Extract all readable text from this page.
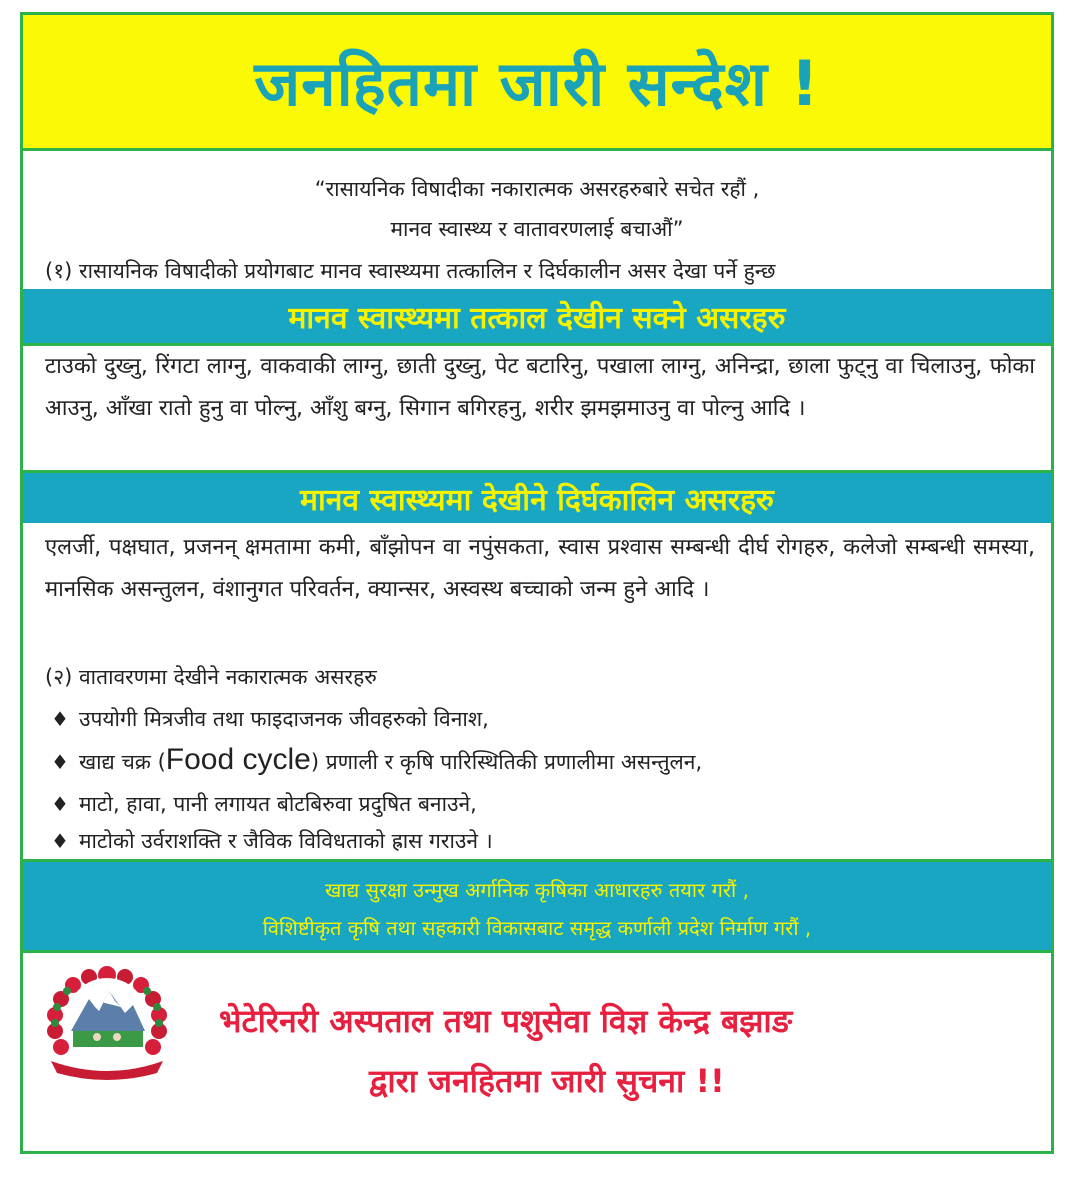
जनहितमा जारी सन्देश !
“रासायनिक विषादीका नकारात्मक असरहरुबारे सचेत रहौं ,
मानव स्वास्थ्य र वातावरणलाई बचाऔं”
(१) रासायनिक विषादीको प्रयोगबाट मानव स्वास्थ्यमा तत्कालिन र दिर्घकालीन असर देखा पर्ने हुन्छ
मानव स्वास्थ्यमा तत्काल देखीन सक्ने असरहरु
टाउको दुख्नु, रिंगटा लाग्नु, वाकवाकी लाग्नु, छाती दुख्नु, पेट बटारिनु, पखाला लाग्नु, अनिन्द्रा, छाला फुट्नु वा चिलाउनु, फोका आउनु, आँखा रातो हुनु वा पोल्नु, आँशु बग्नु, सिगान बगिरहनु, शरीर झमझमाउनु वा पोल्नु आदि ।
मानव स्वास्थ्यमा देखीने दिर्घकालिन असरहरु
एलर्जी, पक्षघात, प्रजनन् क्षमतामा कमी, बाँझोपन वा नपुंसकता, स्वास प्रश्वास सम्बन्धी दीर्घ रोगहरु, कलेजो सम्बन्धी समस्या, मानसिक असन्तुलन, वंशानुगत परिवर्तन, क्यान्सर, अस्वस्थ बच्चाको जन्म हुने आदि ।
(२) वातावरणमा देखीने नकारात्मक असरहरु
♦ उपयोगी मित्रजीव तथा फाइदाजनक जीवहरुको विनाश,
♦ खाद्य चक्र (Food cycle) प्रणाली र कृषि पारिस्थितिकी प्रणालीमा असन्तुलन,
♦ माटो, हावा, पानी लगायत बोटबिरुवा प्रदुषित बनाउने,
♦ माटोको उर्वराशक्ति र जैविक विविधताको ह्रास गराउने ।
खाद्य सुरक्षा उन्मुख अर्गानिक कृषिका आधारहरु तयार गरौं ,
विशिष्टीकृत कृषि तथा सहकारी विकासबाट समृद्ध कर्णाली प्रदेश निर्माण गरौं ,
भेटेरिनरी अस्पताल तथा पशुसेवा विज्ञ केन्द्र बझाङ
द्वारा जनहितमा जारी सुचना !!
